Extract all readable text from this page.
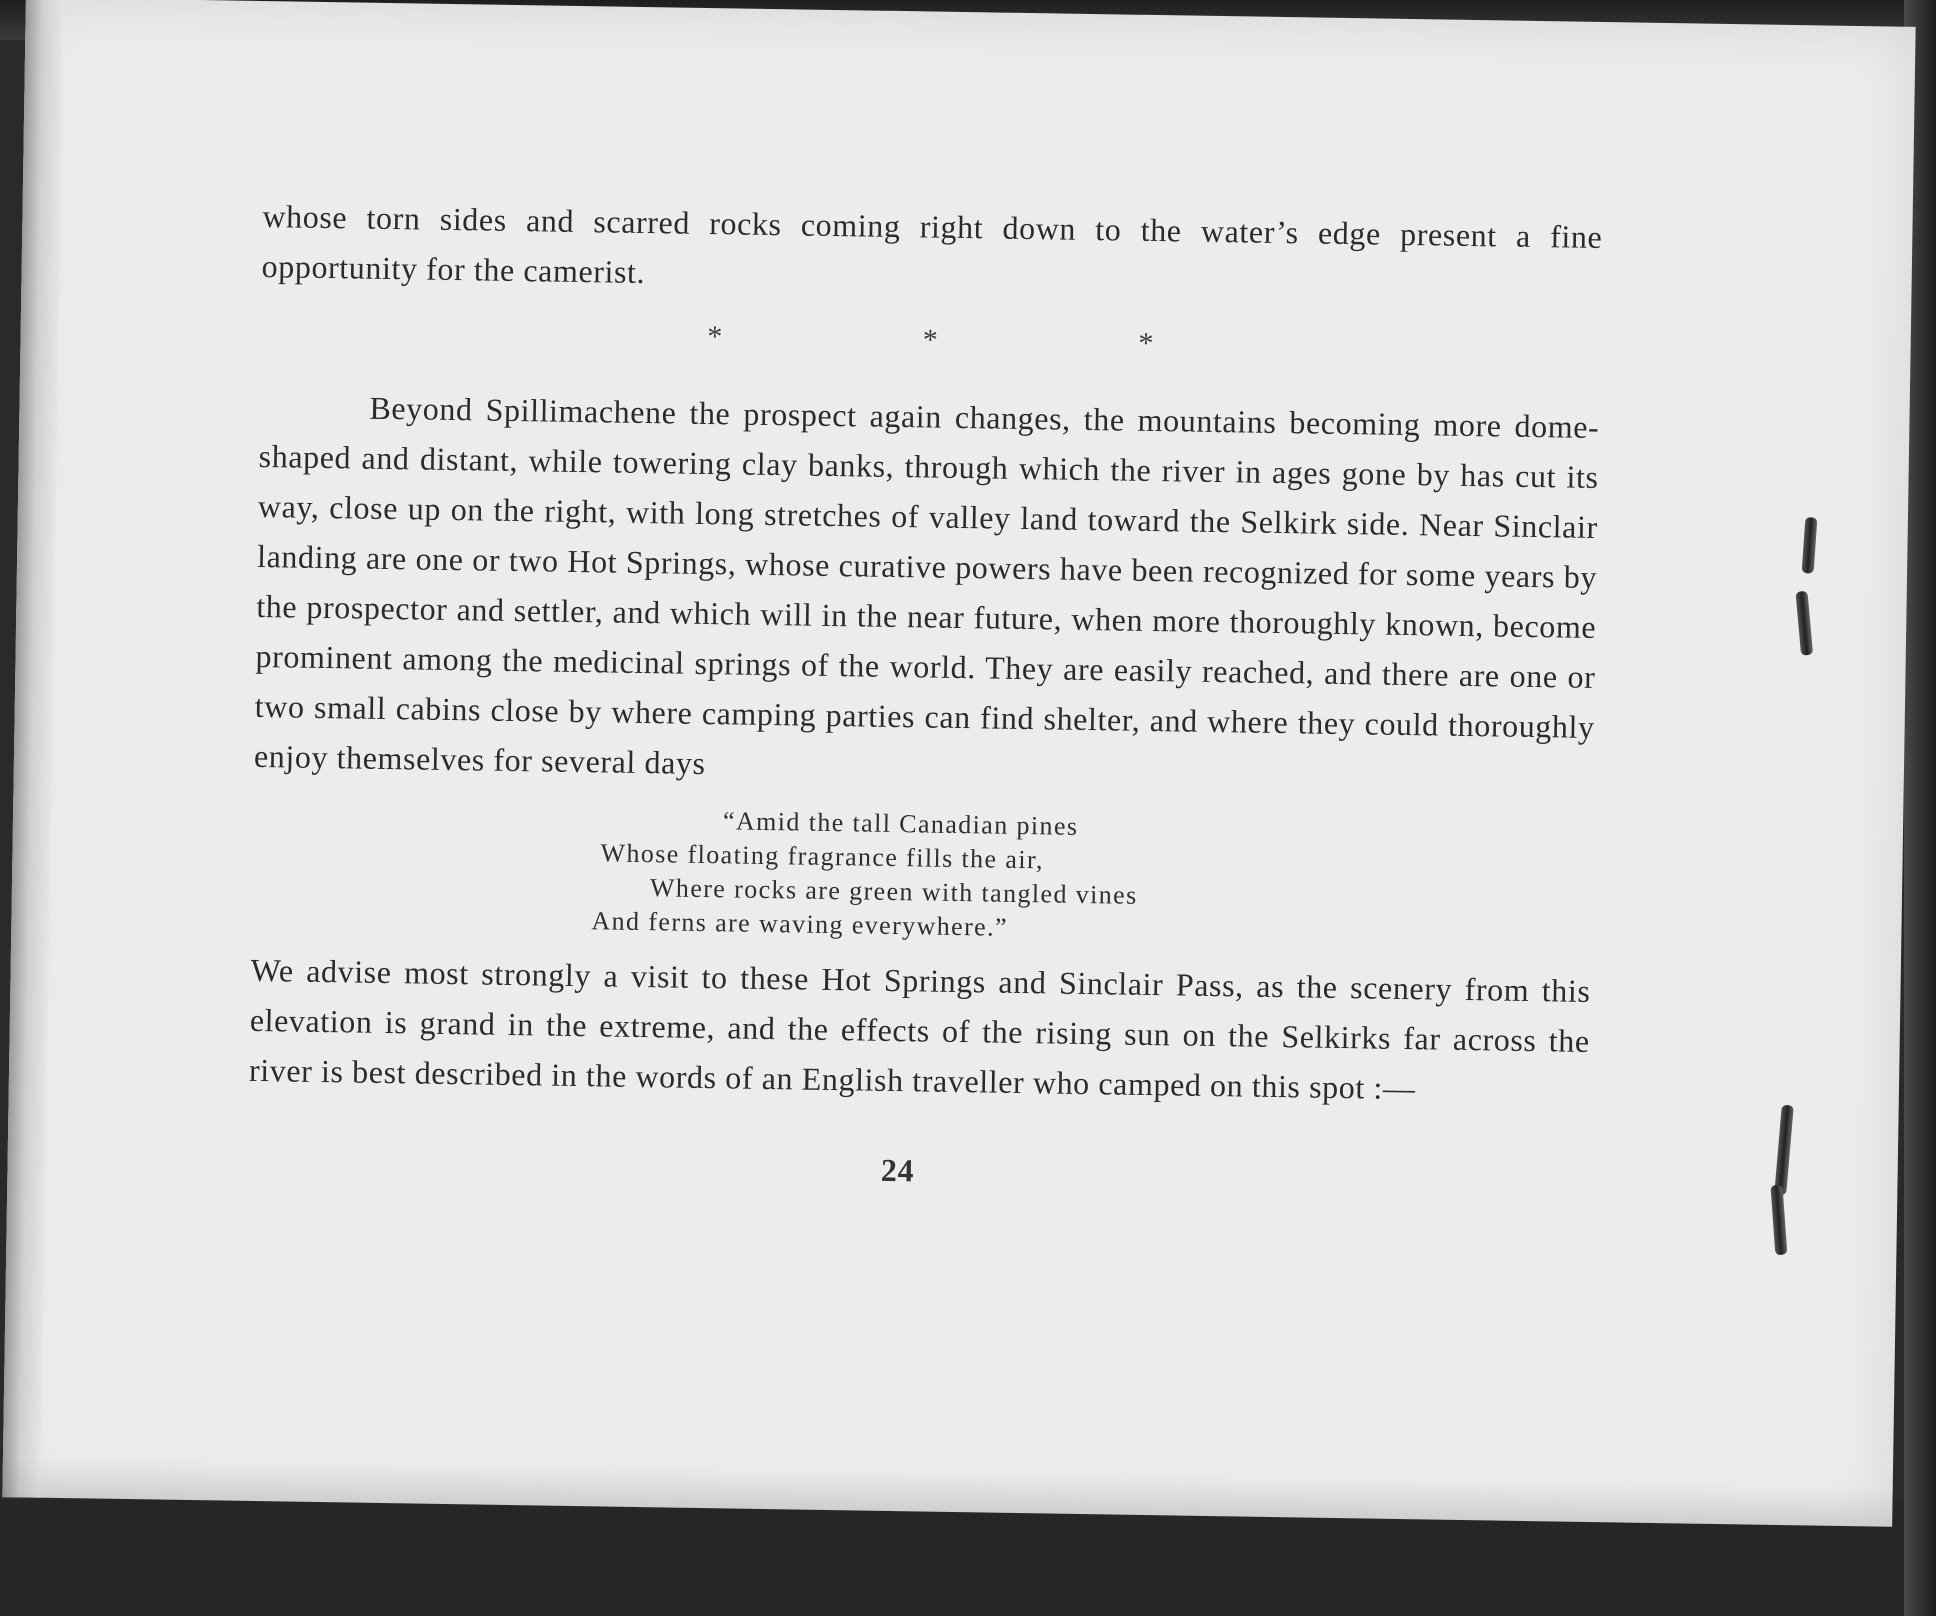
whose torn sides and scarred rocks coming right down to the water’s edge present a fine opportunity for the camerist.

*	*	*

Beyond Spillimachene the prospect again changes, the mountains becoming more dome-shaped and distant, while towering clay banks, through which the river in ages gone by has cut its way, close up on the right, with long stretches of valley land toward the Selkirk side. Near Sinclair landing are one or two Hot Springs, whose curative powers have been recognized for some years by the prospector and settler, and which will in the near future, when more thoroughly known, become prominent among the medicinal springs of the world. They are easily reached, and there are one or two small cabins close by where camping parties can find shelter, and where they could thoroughly enjoy themselves for several days

“Amid the tall Canadian pines
Whose floating fragrance fills the air,
Where rocks are green with tangled vines
And ferns are waving everywhere.”

We advise most strongly a visit to these Hot Springs and Sinclair Pass, as the scenery from this elevation is grand in the extreme, and the effects of the rising sun on the Selkirks far across the river is best described in the words of an English traveller who camped on this spot :—

24
